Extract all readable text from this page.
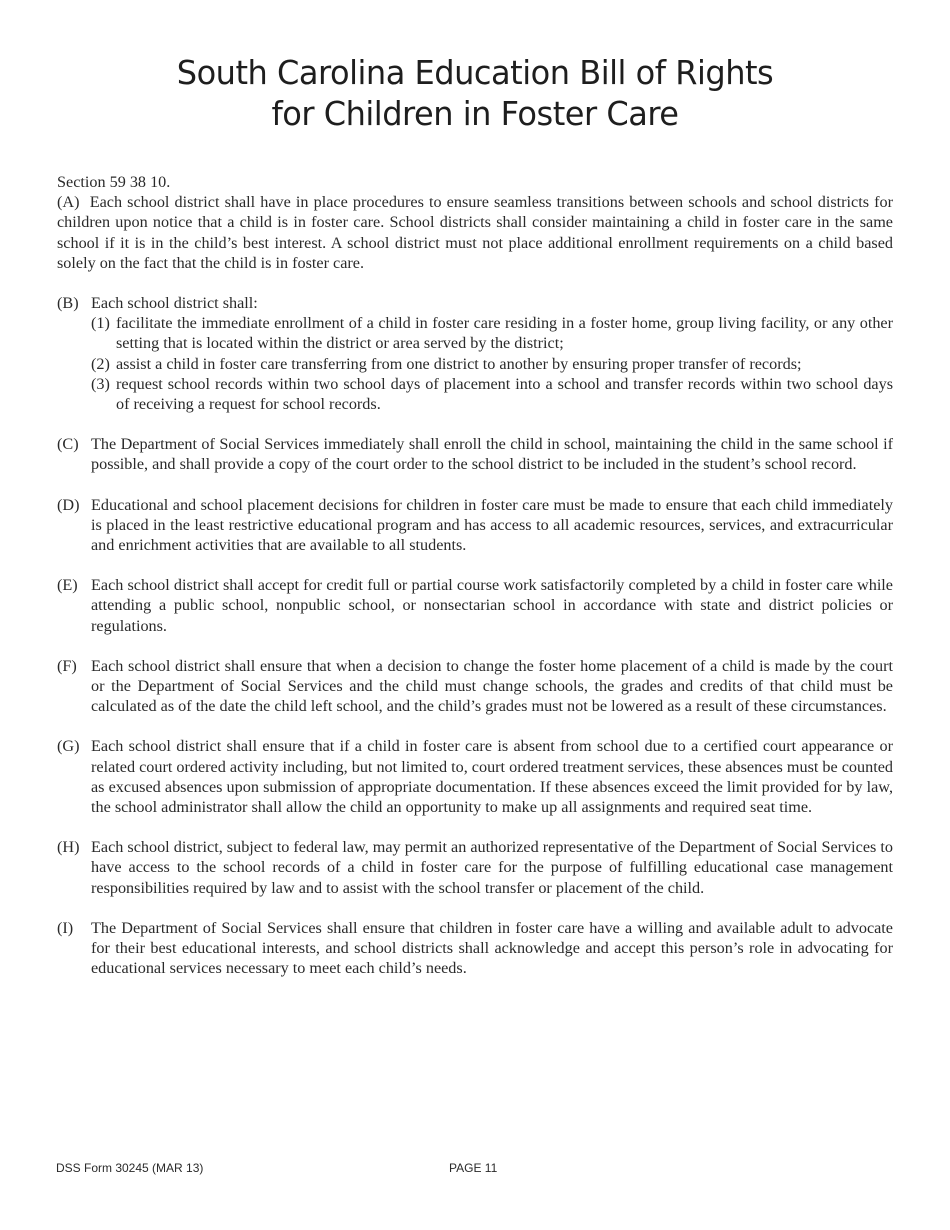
South Carolina Education Bill of Rights
for Children in Foster Care

Section 59 38 10.

(A) Each school district shall have in place procedures to ensure seamless transitions between schools and school districts for children upon notice that a child is in foster care. School districts shall consider maintaining a child in foster care in the same school if it is in the child’s best interest. A school district must not place additional enrollment requirements on a child based solely on the fact that the child is in foster care.

(B) Each school district shall:
(1) facilitate the immediate enrollment of a child in foster care residing in a foster home, group living facility, or any other setting that is located within the district or area served by the district;
(2) assist a child in foster care transferring from one district to another by ensuring proper transfer of records;
(3) request school records within two school days of placement into a school and transfer records within two school days of receiving a request for school records.
(C) The Department of Social Services immediately shall enroll the child in school, maintaining the child in the same school if possible, and shall provide a copy of the court order to the school district to be included in the student’s school record.
(D) Educational and school placement decisions for children in foster care must be made to ensure that each child immediately is placed in the least restrictive educational program and has access to all academic resources, services, and extracurricular and enrichment activities that are available to all students.
(E) Each school district shall accept for credit full or partial course work satisfactorily completed by a child in foster care while attending a public school, nonpublic school, or nonsectarian school in accordance with state and district policies or regulations.
(F) Each school district shall ensure that when a decision to change the foster home placement of a child is made by the court or the Department of Social Services and the child must change schools, the grades and credits of that child must be calculated as of the date the child left school, and the child’s grades must not be lowered as a result of these circumstances.
(G) Each school district shall ensure that if a child in foster care is absent from school due to a certified court appearance or related court ordered activity including, but not limited to, court ordered treatment services, these absences must be counted as excused absences upon submission of appropriate documentation. If these absences exceed the limit provided for by law, the school administrator shall allow the child an opportunity to make up all assignments and required seat time.
(H) Each school district, subject to federal law, may permit an authorized representative of the Department of Social Services to have access to the school records of a child in foster care for the purpose of fulfilling educational case management responsibilities required by law and to assist with the school transfer or placement of the child.
(I)	The Department of Social Services shall ensure that children in foster care have a willing and available adult to advocate for their best educational interests, and school districts shall acknowledge and accept this person’s role in advocating for educational services necessary to meet each child’s needs.
DSS Form 30245 (MAR 13)	PAGE 11
